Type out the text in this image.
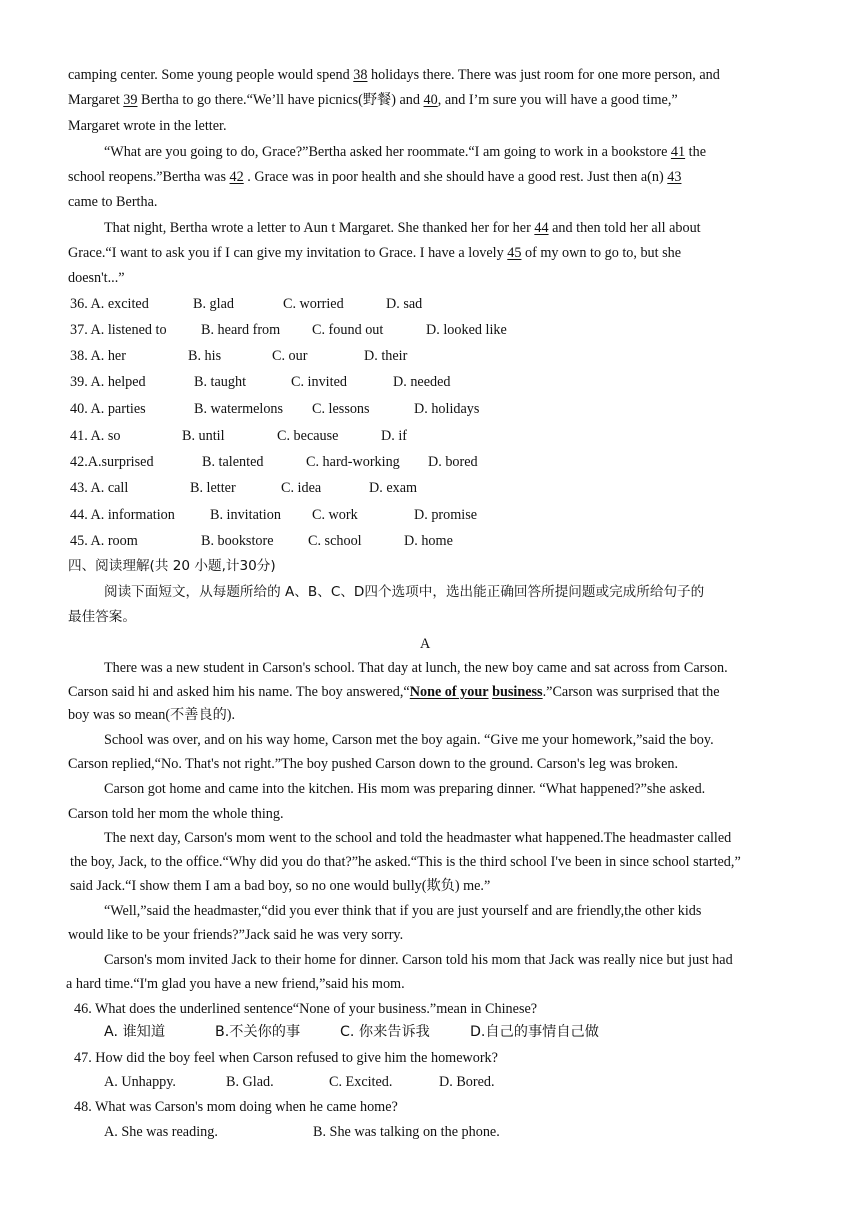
camping center. Some young people would spend 38 holidays there. There was just room for one more person, and
Margaret 39 Bertha to go there.“We’ll have picnics(野餐) and 40, and I’m sure you will have a good time,”
Margaret wrote in the letter.
“What are you going to do, Grace?”Bertha asked her roommate.“I am going to work in a bookstore 41 the
school reopens.”Bertha was 42 . Grace was in poor health and she should have a good rest. Just then a(n) 43
came to Bertha.
That night, Bertha wrote a letter to Aun t Margaret. She thanked her for her 44 and then told her all about
Grace.“I want to ask you if I can give my invitation to Grace. I have a lovely 45 of my own to go to, but she
doesn't...”
36. A. excited	B. glad	C. worried	D. sad
37. A. listened to B. heard from C. found out	D. looked like
38. A. her	B. his	C. our	D. their
39. A. helped	B. taught	C. invited	D. needed
40. A. parties	B. watermelons C. lessons	D. holidays
41. A. so	B. until	C. because	D. if
42.A.surprised	B. talented	C. hard-working D. bored
43. A. call	B. letter	C. idea	D. exam
44. A. information B. invitation C. work	D. promise
45. A. room	B. bookstore C. school	D. home
四、阅读理解(共 20 小题,计30分)
阅读下面短文，从每题所给的 A、B、C、D四个选项中，选出能正确回答所提问题或完成所给句子的
最佳答案。
A
There was a new student in Carson's school. That day at lunch, the new boy came and sat across from Carson.
Carson said hi and asked him his name. The boy answered,“None of your business.”Carson was surprised that the
boy was so mean(不善良的).
School was over, and on his way home, Carson met the boy again. “Give me your homework,”said the boy.
Carson replied,“No. That's not right.”The boy pushed Carson down to the ground. Carson's leg was broken.
Carson got home and came into the kitchen. His mom was preparing dinner. “What happened?”she asked.
Carson told her mom the whole thing.
The next day, Carson's mom went to the school and told the headmaster what happened.The headmaster called
the boy, Jack, to the office.“Why did you do that?”he asked.“This is the third school I've been in since school started,”
said Jack.“I show them I am a bad boy, so no one would bully(欺负) me.”
“Well,”said the headmaster,“did you ever think that if you are just yourself and are friendly,the other kids
would like to be your friends?”Jack said he was very sorry.
Carson's mom invited Jack to their home for dinner. Carson told his mom that Jack was really nice but just had
a hard time.“I'm glad you have a new friend,”said his mom.
46. What does the underlined sentence“None of your business.”mean in Chinese?
A. 谁知道	B.不关你的事	C. 你来告诉我	D.自己的事情自己做
47. How did the boy feel when Carson refused to give him the homework?
A. Unhappy.	B. Glad.	C. Excited.	D. Bored.
48. What was Carson's mom doing when he came home?
A. She was reading.	B. She was talking on the phone.
